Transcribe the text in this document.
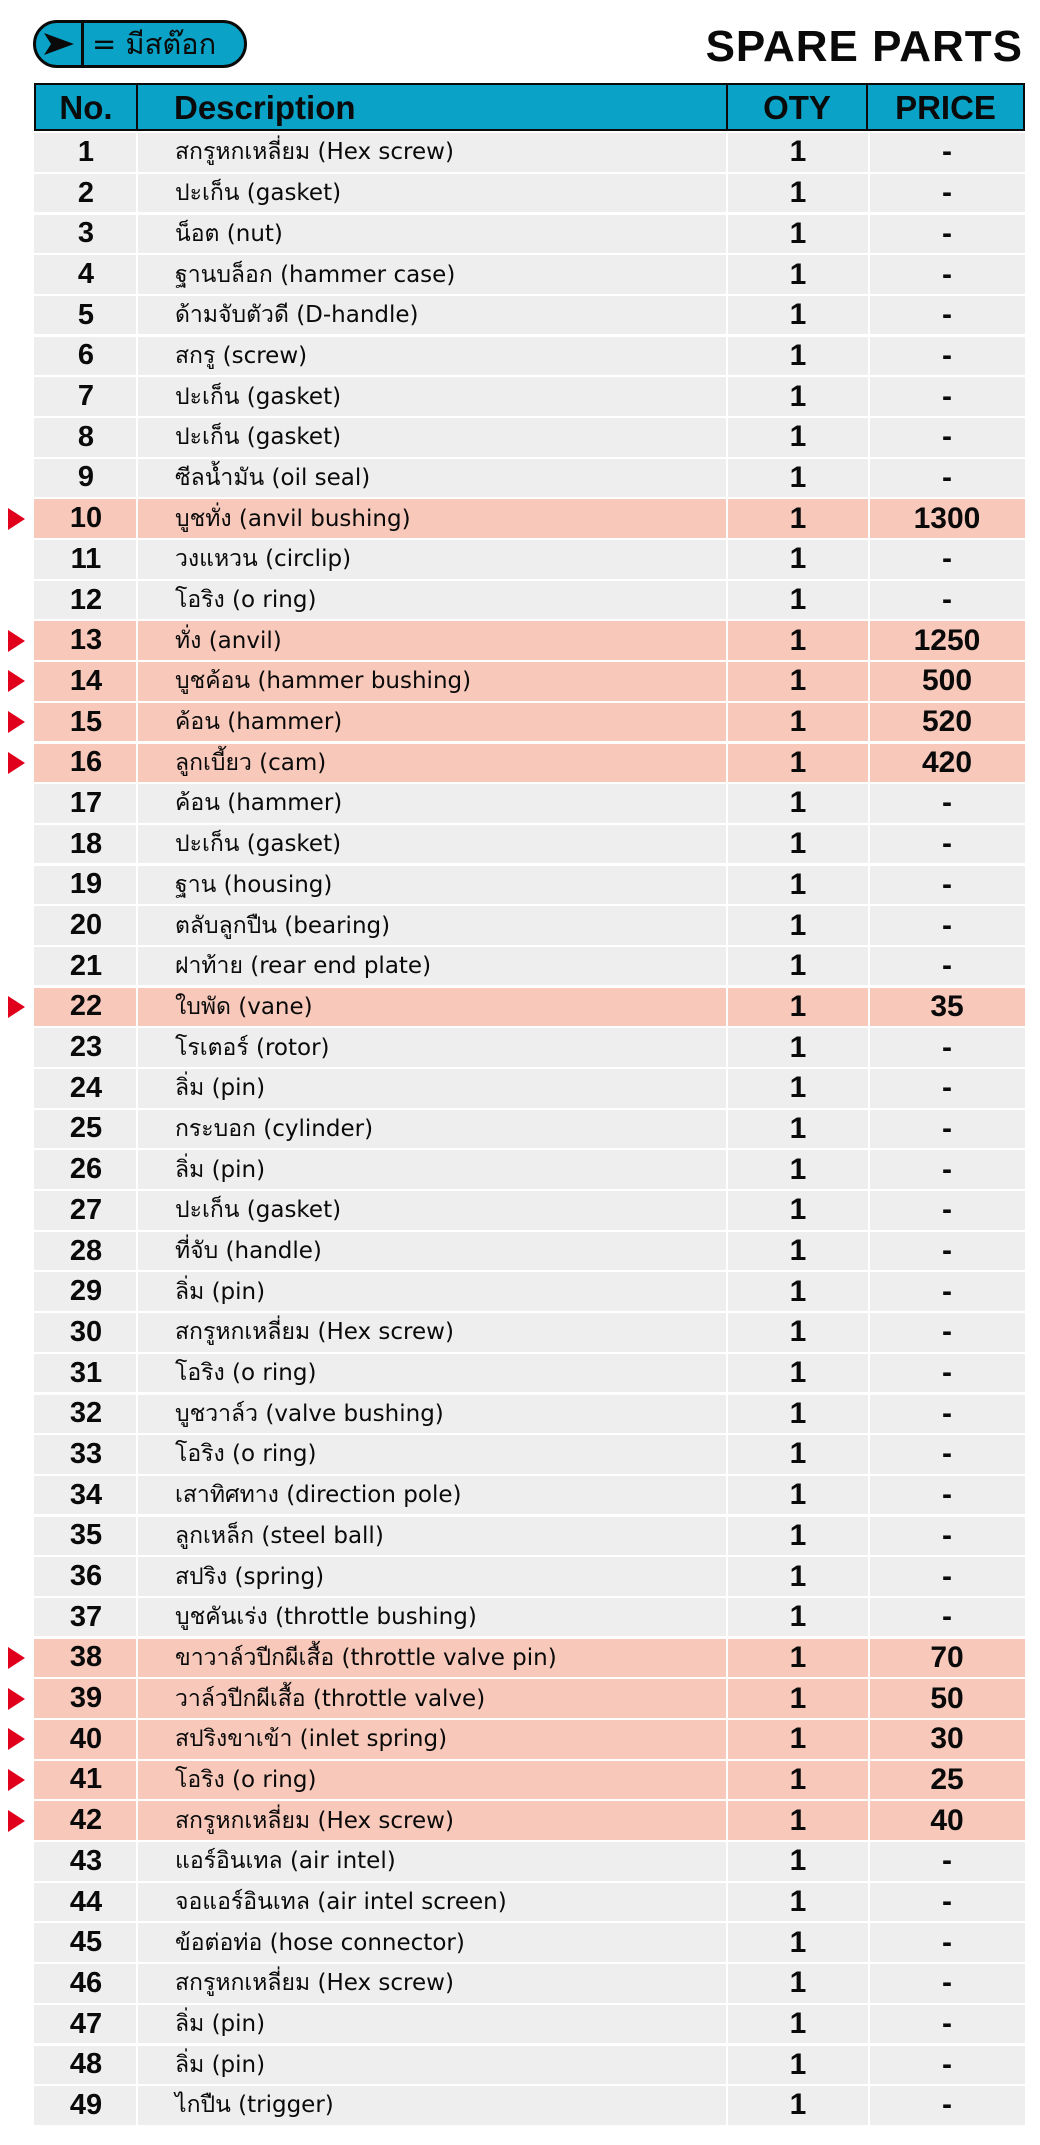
= มีสต๊อก	SPARE PARTS
No.	Description	OTY	PRICE
1	สกรูหกเหลี่ยม (Hex screw)	1	-
2	ปะเก็น (gasket)	1	-
3	น็อต (nut)	1	-
4	ฐานบล็อก (hammer case)	1	-
5	ด้ามจับตัวดี (D-handle)	1	-
6	สกรู (screw)	1	-
7	ปะเก็น (gasket)	1	-
8	ปะเก็น (gasket)	1	-
9	ซีลน้ำมัน (oil seal)	1	-
10	บูชทั่ง (anvil bushing)	1	1300
11	วงแหวน (circlip)	1	-
12	โอริง (o ring)	1	-
13	ทั่ง (anvil)	1	1250
14	บูชค้อน (hammer bushing)	1	500
15	ค้อน (hammer)	1	520
16	ลูกเบี้ยว (cam)	1	420
17	ค้อน (hammer)	1	-
18	ปะเก็น (gasket)	1	-
19	ฐาน (housing)	1	-
20	ตลับลูกปืน (bearing)	1	-
21	ฝาท้าย (rear end plate)	1	-
22	ใบพัด (vane)	1	35
23	โรเตอร์ (rotor)	1	-
24	ลิ่ม (pin)	1	-
25	กระบอก (cylinder)	1	-
26	ลิ่ม (pin)	1	-
27	ปะเก็น (gasket)	1	-
28	ที่จับ (handle)	1	-
29	ลิ่ม (pin)	1	-
30	สกรูหกเหลี่ยม (Hex screw)	1	-
31	โอริง (o ring)	1	-
32	บูชวาล์ว (valve bushing)	1	-
33	โอริง (o ring)	1	-
34	เสาทิศทาง (direction pole)	1	-
35	ลูกเหล็ก (steel ball)	1	-
36	สปริง (spring)	1	-
37	บูชคันเร่ง (throttle bushing)	1	-
38	ขาวาล์วปีกผีเสื้อ (throttle valve pin)	1	70
39	วาล์วปีกผีเสื้อ (throttle valve)	1	50
40	สปริงขาเข้า (inlet spring)	1	30
41	โอริง (o ring)	1	25
42	สกรูหกเหลี่ยม (Hex screw)	1	40
43	แอร์อินเทล (air intel)	1	-
44	จอแอร์อินเทล (air intel screen)	1	-
45	ข้อต่อท่อ (hose connector)	1	-
46	สกรูหกเหลี่ยม (Hex screw)	1	-
47	ลิ่ม (pin)	1	-
48	ลิ่ม (pin)	1	-
49	ไกปืน (trigger)	1	-
